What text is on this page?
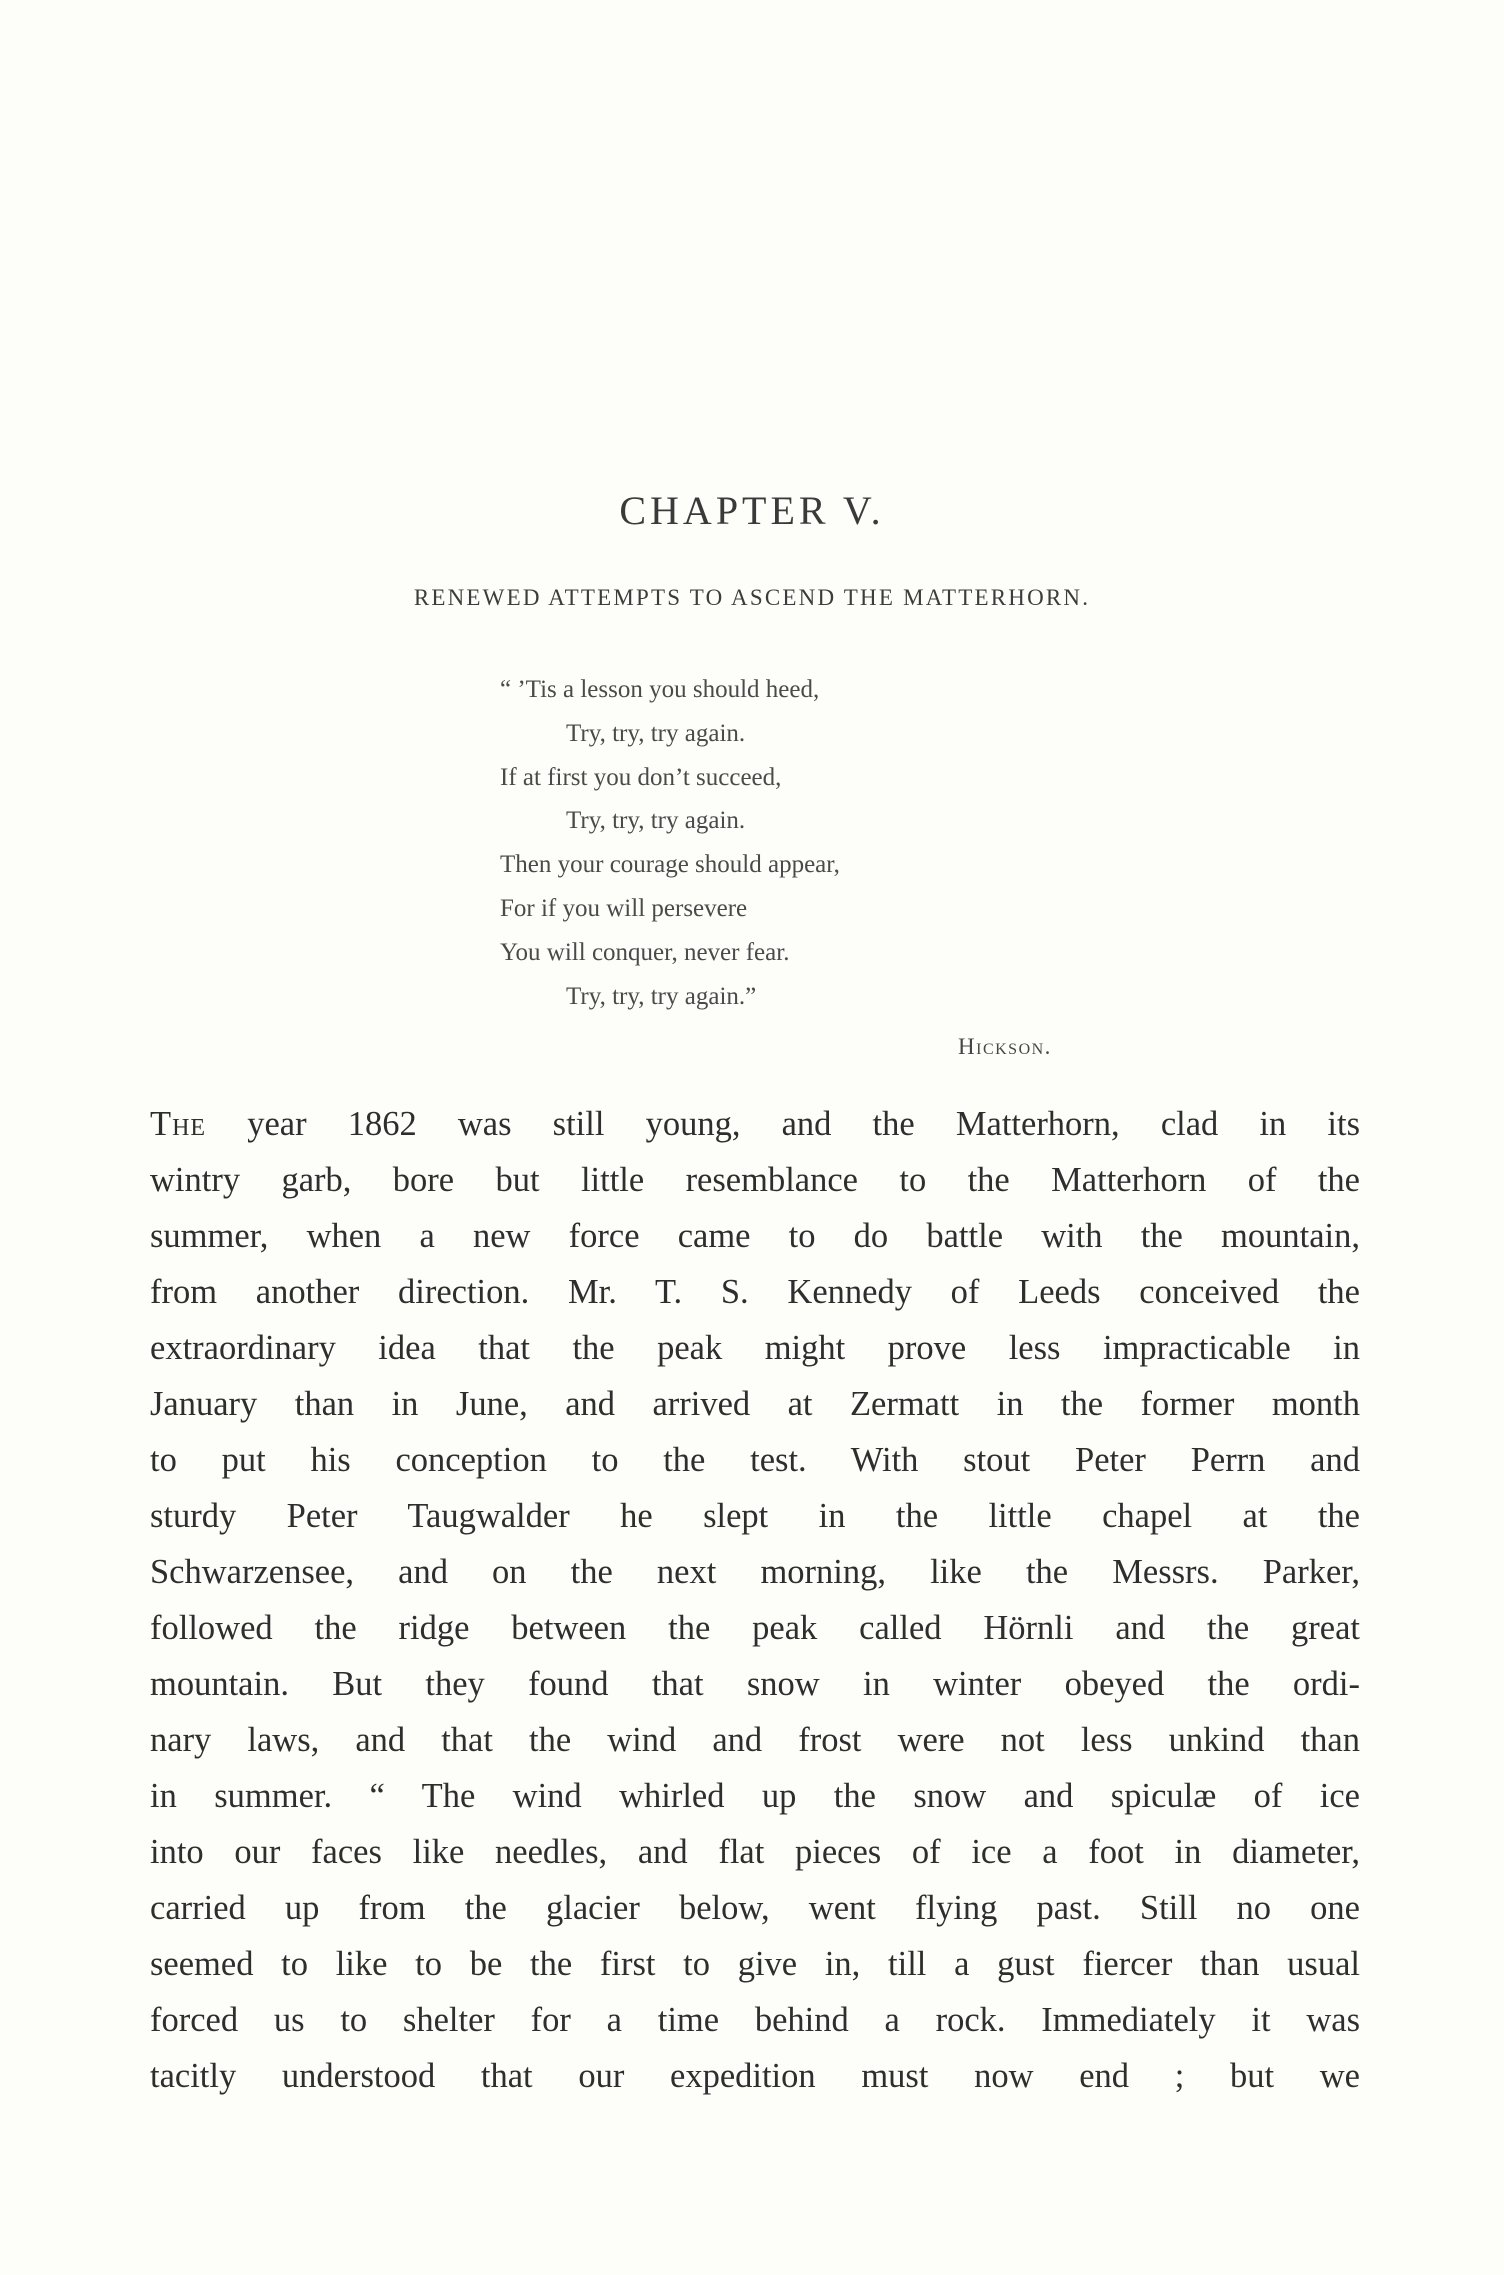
CHAPTER V.
RENEWED ATTEMPTS TO ASCEND THE MATTERHORN.
“ ’Tis a lesson you should heed,
Try, try, try again.
If at first you don’t succeed,
Try, try, try again.
Then your courage should appear,
For if you will persevere
You will conquer, never fear.
Try, try, try again.”
Hickson.
The year 1862 was still young, and the Matterhorn, clad in its
wintry garb, bore but little resemblance to the Matterhorn of the
summer, when a new force came to do battle with the mountain,
from another direction. Mr. T. S. Kennedy of Leeds conceived the
extraordinary idea that the peak might prove less impracticable in
January than in June, and arrived at Zermatt in the former month
to put his conception to the test. With stout Peter Perrn and
sturdy Peter Taugwalder he slept in the little chapel at the
Schwarzensee, and on the next morning, like the Messrs. Parker,
followed the ridge between the peak called Hörnli and the great
mountain. But they found that snow in winter obeyed the ordi-
nary laws, and that the wind and frost were not less unkind than
in summer. “ The wind whirled up the snow and spiculæ of ice
into our faces like needles, and flat pieces of ice a foot in diameter,
carried up from the glacier below, went flying past. Still no one
seemed to like to be the first to give in, till a gust fiercer than usual
forced us to shelter for a time behind a rock. Immediately it was
tacitly understood that our expedition must now end ; but we
